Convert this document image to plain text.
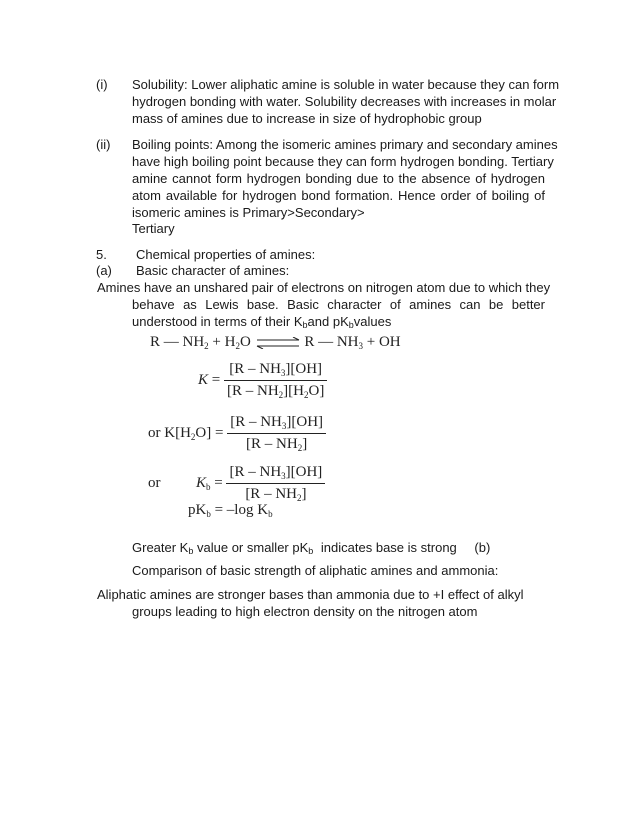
(i) Solubility: Lower aliphatic amine is soluble in water because they can form
hydrogen bonding with water. Solubility decreases with increases in molar
mass of amines due to increase in size of hydrophobic group
(ii) Boiling points: Among the isomeric amines primary and secondary amines
have high boiling point because they can form hydrogen bonding. Tertiary
amine cannot form hydrogen bonding due to the absence of hydrogen
atom available for hydrogen bond formation. Hence order of boiling of
isomeric amines is Primary>Secondary>
Tertiary
5. Chemical properties of amines:
(a) Basic character of amines:
Amines have an unshared pair of electrons on nitrogen atom due to which they
behave as Lewis base. Basic character of amines can be better
understood in terms of their $K_band$ $pK_bvalues$
R — $NH_2 + H_2O$ ⇌ R — $NH_3$ + OH
$K = \frac{[R - NH_3][OH]}{[R - NH_2][H_2O]}$
or $K[H_2O] = \frac{[R - NH_3][OH]}{[R - NH_2]}$
or $K_b = \frac{[R - NH_3][OH]}{[R - NH_2]}$
$pK_b = -\log$ $K_b$
Greater $K_b$ value or smaller $pK_b$ indicates base is strong (b)
Comparison of basic strength of aliphatic amines and ammonia:
Aliphatic amines are stronger bases than ammonia due to +I effect of alkyl
groups leading to high electron density on the nitrogen atom
